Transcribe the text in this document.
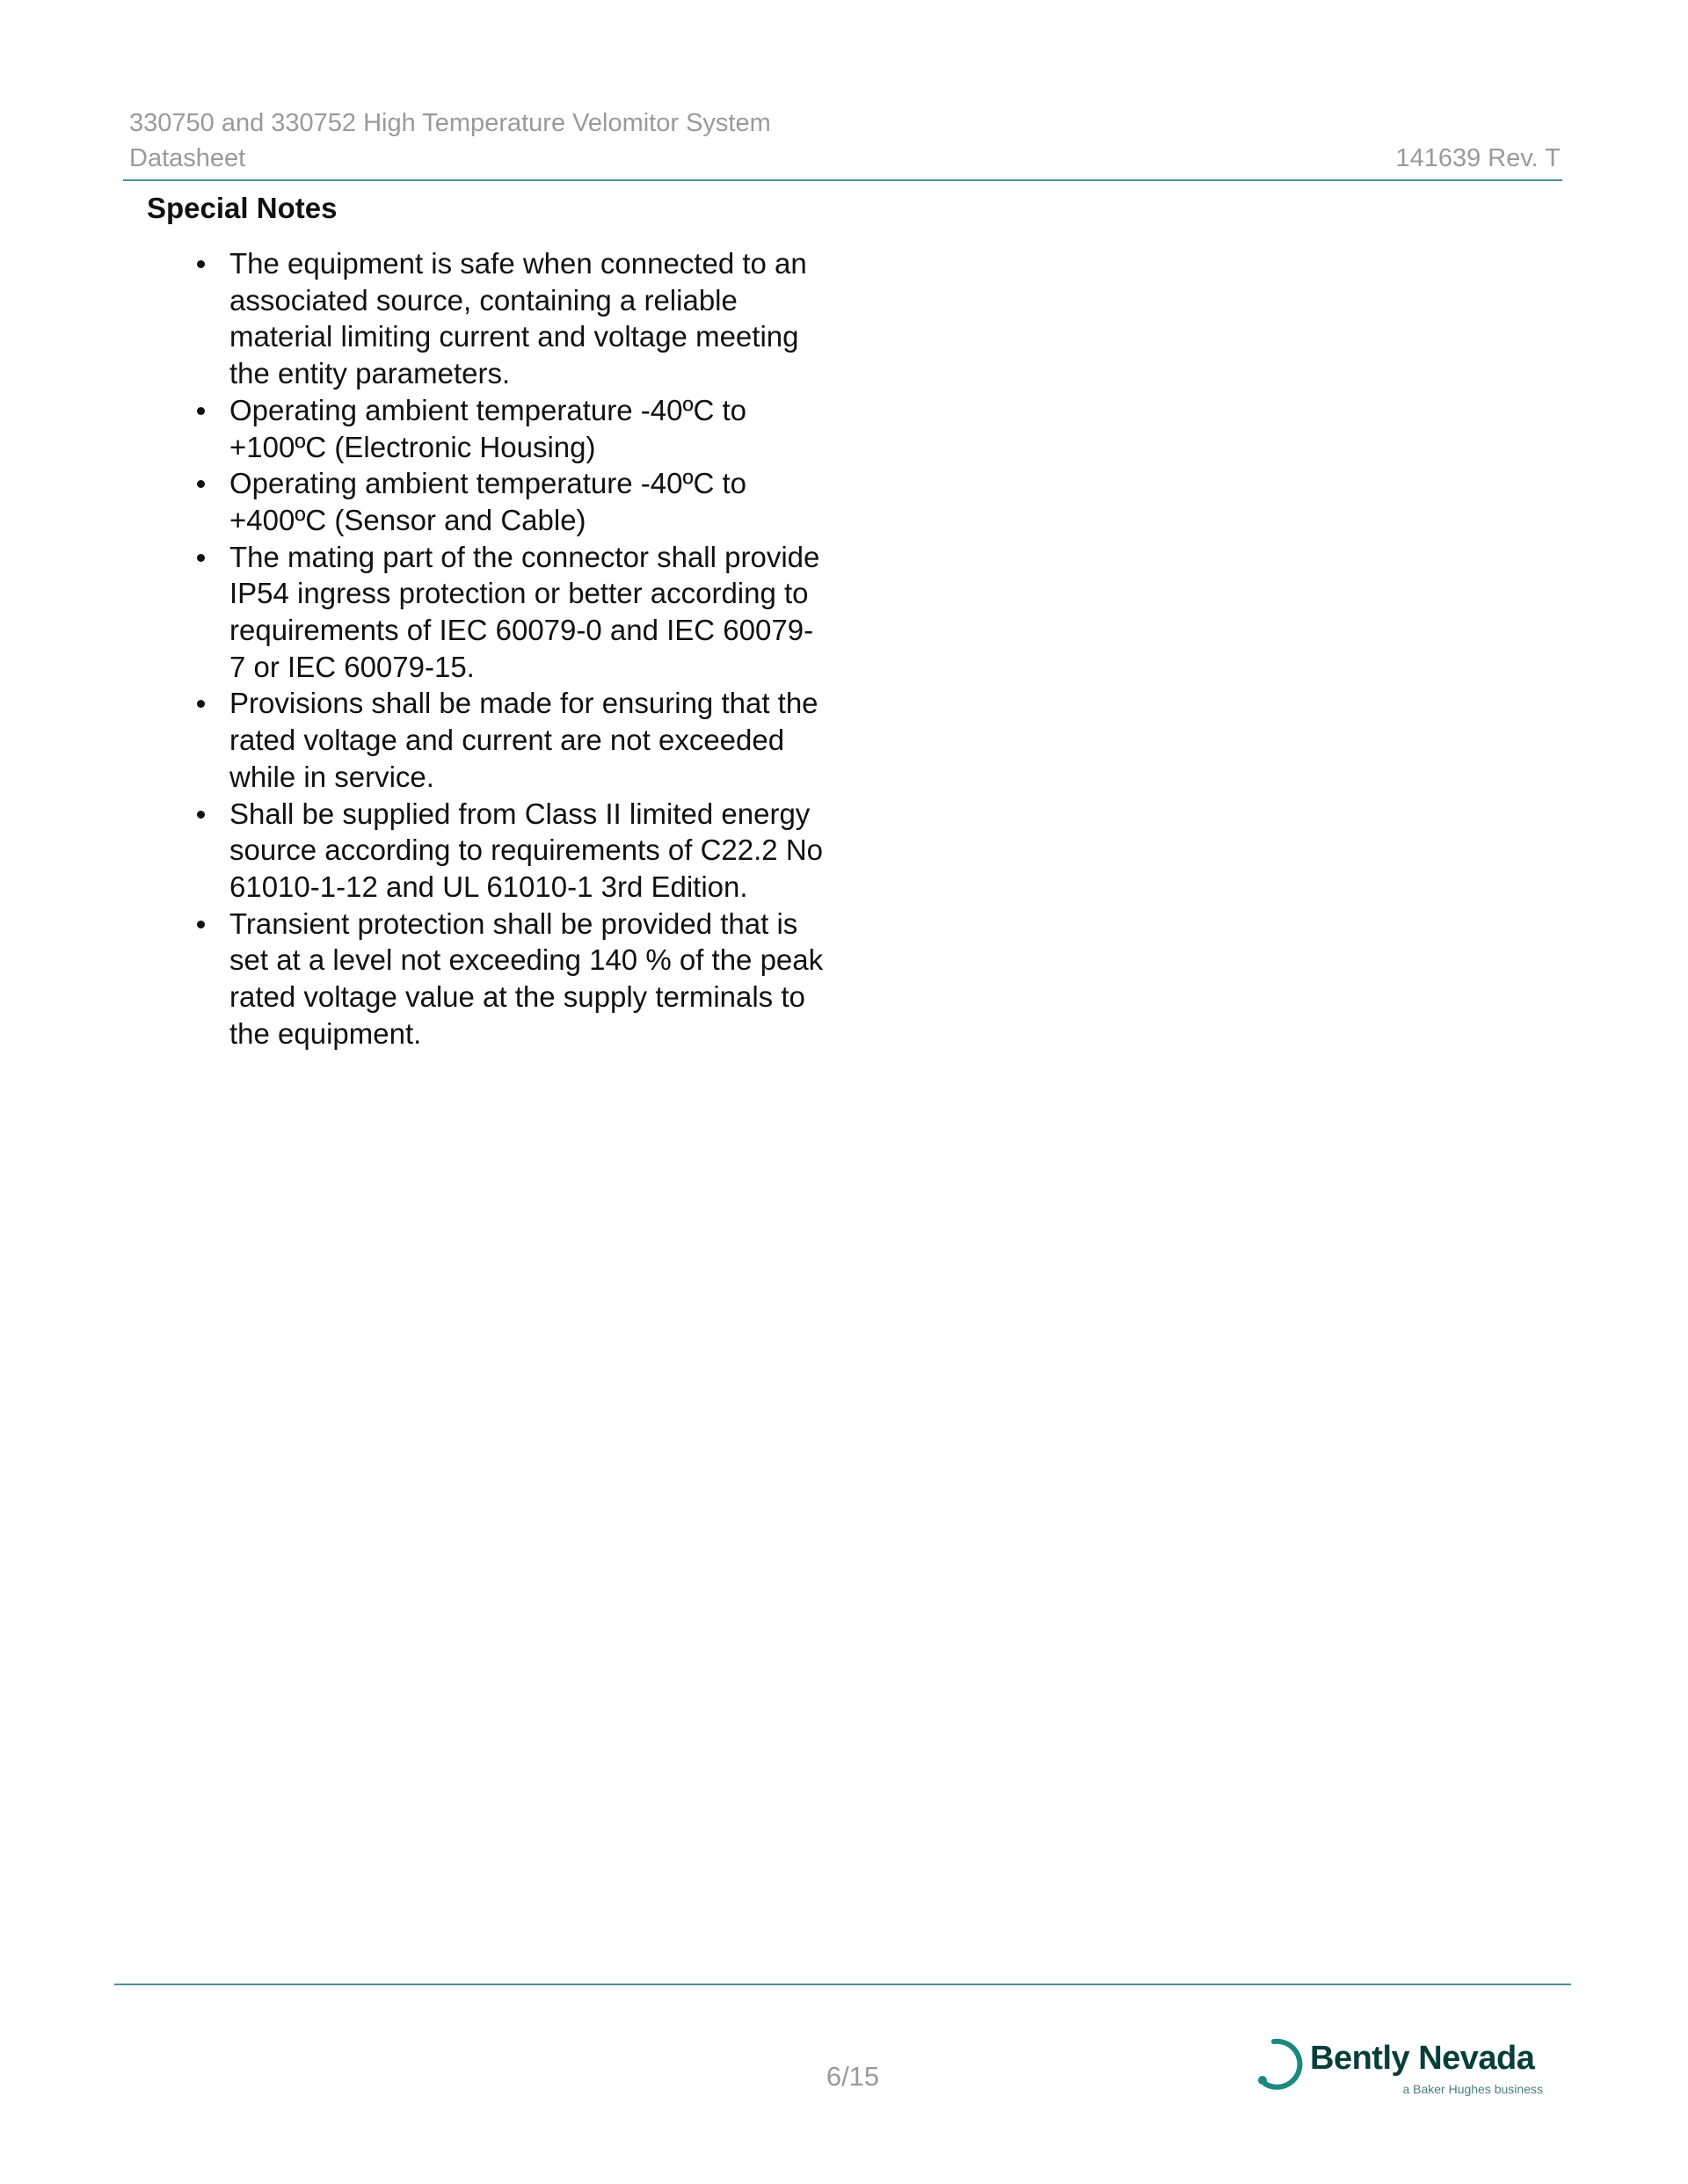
330750 and 330752 High Temperature Velomitor System
Datasheet	141639 Rev. T
Special Notes
The equipment is safe when connected to an associated source, containing a reliable material limiting current and voltage meeting the entity parameters.
Operating ambient temperature -40ºC to +100ºC (Electronic Housing)
Operating ambient temperature -40ºC to +400ºC (Sensor and Cable)
The mating part of the connector shall provide IP54 ingress protection or better according to requirements of IEC 60079-0 and IEC 60079-7 or IEC 60079-15.
Provisions shall be made for ensuring that the rated voltage and current are not exceeded while in service.
Shall be supplied from Class II limited energy source according to requirements of C22.2 No 61010-1-12 and UL 61010-1 3rd Edition.
Transient protection shall be provided that is set at a level not exceeding 140 % of the peak rated voltage value at the supply terminals to the equipment.
6/15	Bently Nevada
a Baker Hughes business
